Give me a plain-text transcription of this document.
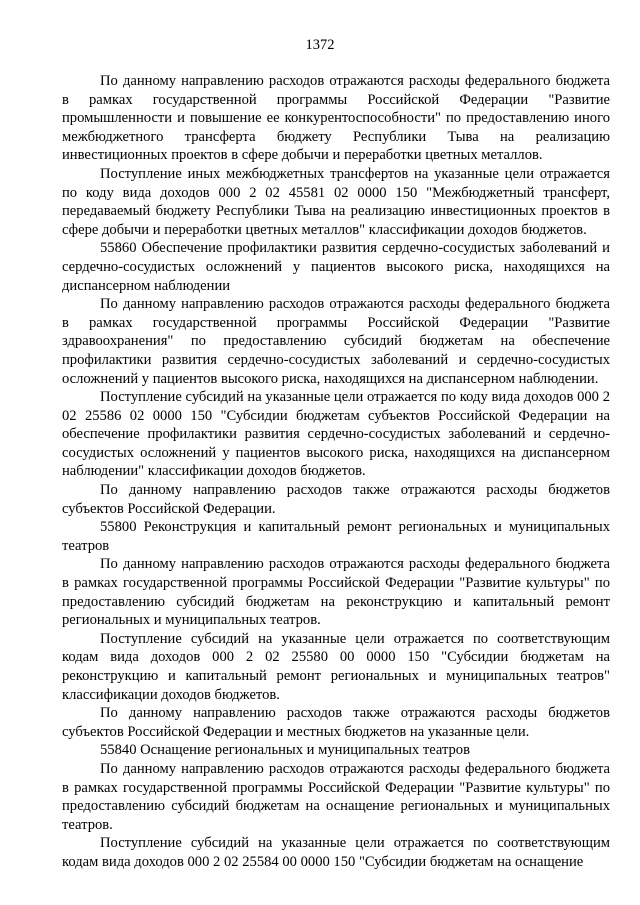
1372

По данному направлению расходов отражаются расходы федерального бюджета в рамках государственной программы Российской Федерации "Развитие промышленности и повышение ее конкурентоспособности" по предоставлению иного межбюджетного трансферта бюджету Республики Тыва на реализацию инвестиционных проектов в сфере добычи и переработки цветных металлов.

Поступление иных межбюджетных трансфертов на указанные цели отражается по коду вида доходов 000 2 02 45581 02 0000 150 "Межбюджетный трансферт, передаваемый бюджету Республики Тыва на реализацию инвестиционных проектов в сфере добычи и переработки цветных металлов" классификации доходов бюджетов.

55860 Обеспечение профилактики развития сердечно-сосудистых заболеваний и сердечно-сосудистых осложнений у пациентов высокого риска, находящихся на диспансерном наблюдении

По данному направлению расходов отражаются расходы федерального бюджета в рамках государственной программы Российской Федерации "Развитие здравоохранения" по предоставлению субсидий бюджетам на обеспечение профилактики развития сердечно-сосудистых заболеваний и сердечно-сосудистых осложнений у пациентов высокого риска, находящихся на диспансерном наблюдении.

Поступление субсидий на указанные цели отражается по коду вида доходов 000 2 02 25586 02 0000 150 "Субсидии бюджетам субъектов Российской Федерации на обеспечение профилактики развития сердечно-сосудистых заболеваний и сердечно-сосудистых осложнений у пациентов высокого риска, находящихся на диспансерном наблюдении" классификации доходов бюджетов.

По данному направлению расходов также отражаются расходы бюджетов субъектов Российской Федерации.

55800 Реконструкция и капитальный ремонт региональных и муниципальных театров

По данному направлению расходов отражаются расходы федерального бюджета в рамках государственной программы Российской Федерации "Развитие культуры" по предоставлению субсидий бюджетам на реконструкцию и капитальный ремонт региональных и муниципальных театров.

Поступление субсидий на указанные цели отражается по соответствующим кодам вида доходов 000 2 02 25580 00 0000 150 "Субсидии бюджетам на реконструкцию и капитальный ремонт региональных и муниципальных театров" классификации доходов бюджетов.

По данному направлению расходов также отражаются расходы бюджетов субъектов Российской Федерации и местных бюджетов на указанные цели.

55840 Оснащение региональных и муниципальных театров

По данному направлению расходов отражаются расходы федерального бюджета в рамках государственной программы Российской Федерации "Развитие культуры" по предоставлению субсидий бюджетам на оснащение региональных и муниципальных театров.

Поступление субсидий на указанные цели отражается по соответствующим кодам вида доходов 000 2 02 25584 00 0000 150 "Субсидии бюджетам на оснащение
